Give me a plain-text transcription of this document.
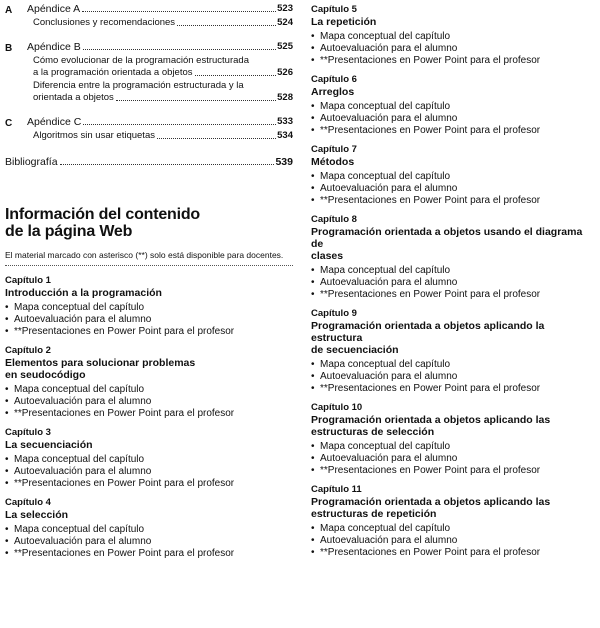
A Apéndice A	523
Conclusiones y recomendaciones	524
B Apéndice B	525
Cómo evolucionar de la programación estructurada
a la programación orientada a objetos	526
Diferencia entre la programación estructurada y la
orientada a objetos	528
C Apéndice C	533
Algoritmos sin usar etiquetas	534
Bibliografía	539
Información del contenido
de la página Web
El material marcado con asterisco (**) solo está disponible para docentes.
Capítulo 1
Introducción a la programación
• Mapa conceptual del capítulo
• Autoevaluación para el alumno
• **Presentaciones en Power Point para el profesor
Capítulo 2
Elementos para solucionar problemas
en seudocódigo
• Mapa conceptual del capítulo
• Autoevaluación para el alumno
• **Presentaciones en Power Point para el profesor
Capítulo 3
La secuenciación
• Mapa conceptual del capítulo
• Autoevaluación para el alumno
• **Presentaciones en Power Point para el profesor
Capítulo 4
La selección
• Mapa conceptual del capítulo
• Autoevaluación para el alumno
• **Presentaciones en Power Point para el profesor
Capítulo 5
La repetición
• Mapa conceptual del capítulo
• Autoevaluación para el alumno
• **Presentaciones en Power Point para el profesor
Capítulo 6
Arreglos
• Mapa conceptual del capítulo
• Autoevaluación para el alumno
• **Presentaciones en Power Point para el profesor
Capítulo 7
Métodos
• Mapa conceptual del capítulo
• Autoevaluación para el alumno
• **Presentaciones en Power Point para el profesor
Capítulo 8
Programación orientada a objetos usando el diagrama de
clases
• Mapa conceptual del capítulo
• Autoevaluación para el alumno
• **Presentaciones en Power Point para el profesor
Capítulo 9
Programación orientada a objetos aplicando la estructura
de secuenciación
• Mapa conceptual del capítulo
• Autoevaluación para el alumno
• **Presentaciones en Power Point para el profesor
Capítulo 10
Programación orientada a objetos aplicando las
estructuras de selección
• Mapa conceptual del capítulo
• Autoevaluación para el alumno
• **Presentaciones en Power Point para el profesor
Capítulo 11
Programación orientada a objetos aplicando las
estructuras de repetición
• Mapa conceptual del capítulo
• Autoevaluación para el alumno
• **Presentaciones en Power Point para el profesor
